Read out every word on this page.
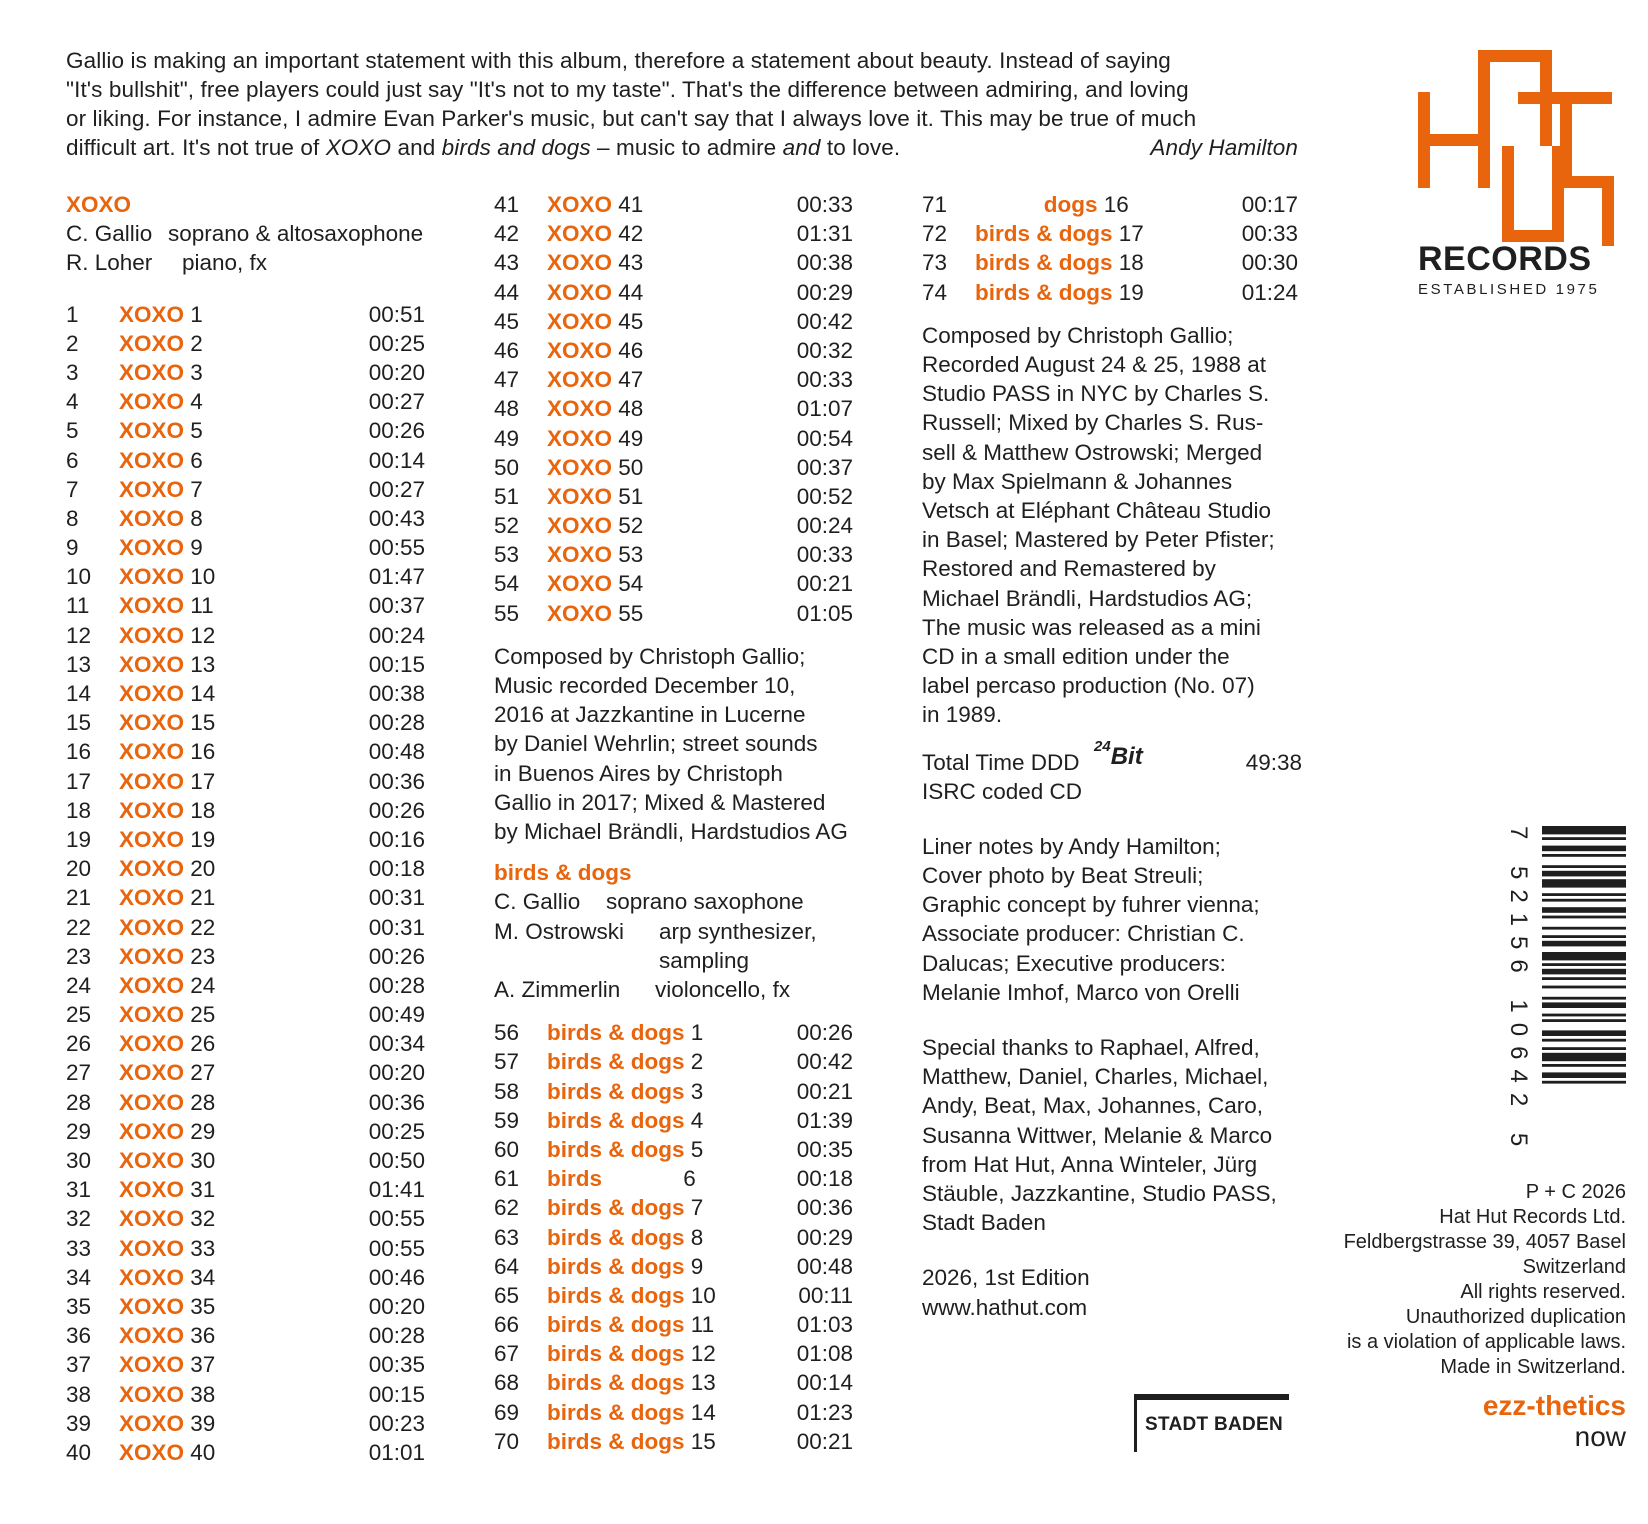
Gallio is making an important statement with this album, therefore a statement about beauty. Instead of saying

"It's bullshit", free players could just say "It's not to my taste". That's the difference between admiring, and loving

or liking. For instance, I admire Evan Parker's music, but can't say that I always love it. This may be true of much

difficult art. It's not true of XOXO and birds and dogs – music to admire and to love.	Andy Hamilton

XOXO
C. Gallio soprano & altosaxophone
R. Loher piano, fx
1 XOXO 1	00:51
2 XOXO 2	00:25
3 XOXO 3	00:20
4 XOXO 4	00:27
5 XOXO 5	00:26
6 XOXO 6	00:14
7 XOXO 7	00:27
8 XOXO 8	00:43
9 XOXO 9	00:55
10 XOXO 10	01:47
11 XOXO 11	00:37
12 XOXO 12	00:24
13 XOXO 13	00:15
14 XOXO 14	00:38
15 XOXO 15	00:28
16 XOXO 16	00:48
17 XOXO 17	00:36
18 XOXO 18	00:26
19 XOXO 19	00:16
20 XOXO 20	00:18
21 XOXO 21	00:31
22 XOXO 22	00:31
23 XOXO 23	00:26
24 XOXO 24	00:28
25 XOXO 25	00:49
26 XOXO 26	00:34
27 XOXO 27	00:20
28 XOXO 28	00:36
29 XOXO 29	00:25
30 XOXO 30	00:50
31 XOXO 31	01:41
32 XOXO 32	00:55
33 XOXO 33	00:55
34 XOXO 34	00:46
35 XOXO 35	00:20
36 XOXO 36	00:28
37 XOXO 37	00:35
38 XOXO 38	00:15
39 XOXO 39	00:23
40 XOXO 40	01:01
41 XOXO 41	00:33
42 XOXO 42	01:31
43 XOXO 43	00:38
44 XOXO 44	00:29
45 XOXO 45	00:42
46 XOXO 46	00:32
47 XOXO 47	00:33
48 XOXO 48	01:07
49 XOXO 49	00:54
50 XOXO 50	00:37
51 XOXO 51	00:52
52 XOXO 52	00:24
53 XOXO 53	00:33
54 XOXO 54	00:21
55 XOXO 55	01:05

Composed by Christoph Gallio;

Music recorded December 10,

2016 at Jazzkantine in Lucerne

by Daniel Wehrlin; street sounds

in Buenos Aires by Christoph

Gallio in 2017; Mixed & Mastered

by Michael Brändli, Hardstudios AG

birds & dogs
C. Gallio soprano saxophone
M. Ostrowski arp synthesizer,
sampling
A. Zimmerlin violoncello, fx
56 birds & dogs 1	00:26
57 birds & dogs 2	00:42
58 birds & dogs 3	00:21
59 birds & dogs 4	01:39
60 birds & dogs 5	00:35
61 birds             6	00:18
62 birds & dogs 7	00:36
63 birds & dogs 8	00:29
64 birds & dogs 9	00:48
65 birds & dogs 10	00:11
66 birds & dogs 11	01:03
67 birds & dogs 12	01:08
68 birds & dogs 13	00:14
69 birds & dogs 14	01:23
70 birds & dogs 15	00:21
71 dogs 16	00:17
72 birds & dogs 17	00:33
73 birds & dogs 18	00:30
74 birds & dogs 19	01:24

Composed by Christoph Gallio;

Recorded August 24 & 25, 1988 at

Studio PASS in NYC by Charles S.

Russell; Mixed by Charles S. Rus-

sell & Matthew Ostrowski; Merged

by Max Spielmann & Johannes

Vetsch at Eléphant Château Studio

in Basel; Mastered by Peter Pfister;

Restored and Remastered by

Michael Brändli, Hardstudios AG;

The music was released as a mini

CD in a small edition under the

label percaso production (No. 07)

in 1989.

Total Time DDD
$^{24}$Bit	49:38
ISRC coded CD

Liner notes by Andy Hamilton;

Cover photo by Beat Streuli;

Graphic concept by fuhrer vienna;

Associate producer: Christian C.

Dalucas; Executive producers:

Melanie Imhof, Marco von Orelli

Special thanks to Raphael, Alfred,

Matthew, Daniel, Charles, Michael,

Andy, Beat, Max, Johannes, Caro,

Susanna Wittwer, Melanie & Marco

from Hat Hut, Anna Winteler, Jürg

Stäuble, Jazzkantine, Studio PASS,

Stadt Baden

2026, 1st Edition

www.hathut.com

RECORDS
ESTABLISHED 1975
7 52156 10642 5

P + C 2026

Hat Hut Records Ltd.

Feldbergstrasse 39, 4057 Basel

Switzerland

All rights reserved.

Unauthorized duplication

is a violation of applicable laws.

Made in Switzerland.

STADT BADEN
ezz-thetics
now
